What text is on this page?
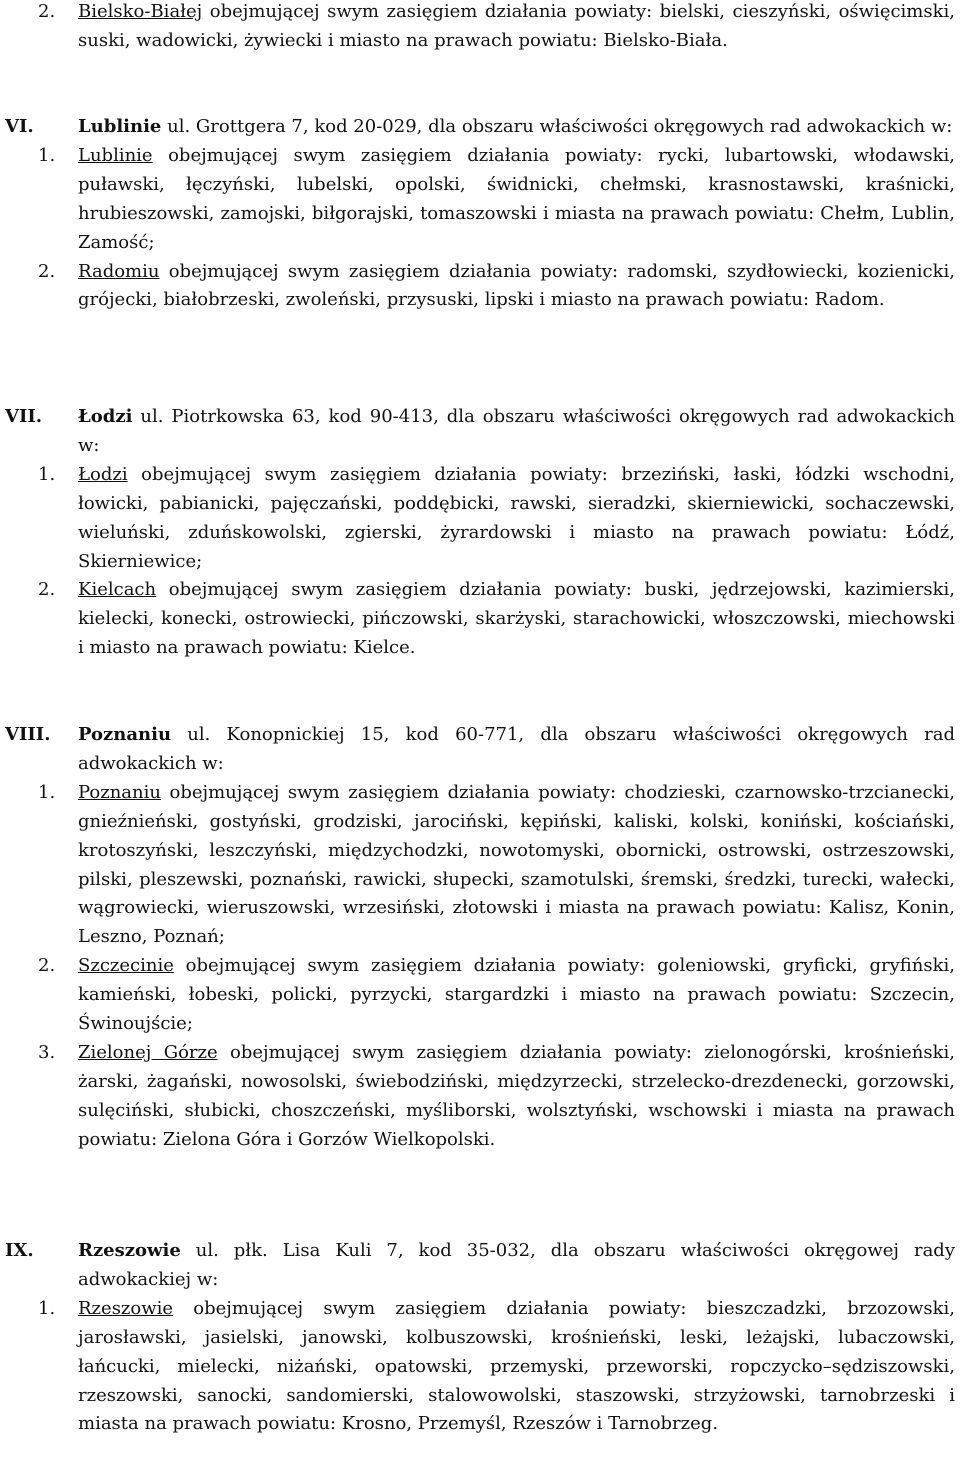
2. Bielsko-Białej obejmującej swym zasięgiem działania powiaty: bielski, cieszyński, oświęcimski, suski, wadowicki, żywiecki i miasto na prawach powiatu: Bielsko-Biała.
VI. Lublinie ul. Grottgera 7, kod 20-029, dla obszaru właściwości okręgowych rad adwokackich w:
1. Lublinie obejmującej swym zasięgiem działania powiaty: rycki, lubartowski, włodawski, puławski, łęczyński, lubelski, opolski, świdnicki, chełmski, krasnostawski, kraśnicki, hrubieszowski, zamojski, biłgorajski, tomaszowski i miasta na prawach powiatu: Chełm, Lublin, Zamość;
2. Radomiu obejmującej swym zasięgiem działania powiaty: radomski, szydłowiecki, kozienicki, grójecki, białobrzeski, zwoleński, przysuski, lipski i miasto na prawach powiatu: Radom.
VII. Łodzi ul. Piotrkowska 63, kod 90-413, dla obszaru właściwości okręgowych rad adwokackich w:
1. Łodzi obejmującej swym zasięgiem działania powiaty: brzeziński, łaski, łódzki wschodni, łowicki, pabianicki, pajęczański, poddębicki, rawski, sieradzki, skierniewicki, sochaczewski, wieluński, zduńskowolski, zgierski, żyrardowski i miasto na prawach powiatu: Łódź, Skierniewice;
2. Kielcach obejmującej swym zasięgiem działania powiaty: buski, jędrzejowski, kazimierski, kielecki, konecki, ostrowiecki, pińczowski, skarżyski, starachowicki, włoszczowski, miechowski i miasto na prawach powiatu: Kielce.
VIII. Poznaniu ul. Konopnickiej 15, kod 60-771, dla obszaru właściwości okręgowych rad adwokackich w:
1. Poznaniu obejmującej swym zasięgiem działania powiaty: chodzieski, czarnowsko-trzcianecki, gnieźnieński, gostyński, grodziski, jarociński, kępiński, kaliski, kolski, koniński, kościański, krotoszyński, leszczyński, międzychodzki, nowotomyski, obornicki, ostrowski, ostrzeszowski, pilski, pleszewski, poznański, rawicki, słupecki, szamotulski, śremski, średzki, turecki, wałecki, wągrowiecki, wieruszowski, wrzesiński, złotowski i miasta na prawach powiatu: Kalisz, Konin, Leszno, Poznań;
2. Szczecinie obejmującej swym zasięgiem działania powiaty: goleniowski, gryficki, gryfiński, kamieński, łobeski, policki, pyrzycki, stargardzki i miasto na prawach powiatu: Szczecin, Świnoujście;
3. Zielonej Górze obejmującej swym zasięgiem działania powiaty: zielonogórski, krośnieński, żarski, żagański, nowosolski, świebodziński, międzyrzecki, strzelecko-drezdenecki, gorzowski, sulęciński, słubicki, choszczeński, myśliborski, wolsztyński, wschowski i miasta na prawach powiatu: Zielona Góra i Gorzów Wielkopolski.
IX. Rzeszowie ul. płk. Lisa Kuli 7, kod 35-032, dla obszaru właściwości okręgowej rady adwokackiej w:
1. Rzeszowie obejmującej swym zasięgiem działania powiaty: bieszczadzki, brzozowski, jarosławski, jasielski, janowski, kolbuszowski, krośnieński, leski, leżajski, lubaczowski, łańcucki, mielecki, niżański, opatowski, przemyski, przeworski, ropczycko–sędziszowski, rzeszowski, sanocki, sandomierski, stalowowolski, staszowski, strzyżowski, tarnobrzeski i miasta na prawach powiatu: Krosno, Przemyśl, Rzeszów i Tarnobrzeg.
